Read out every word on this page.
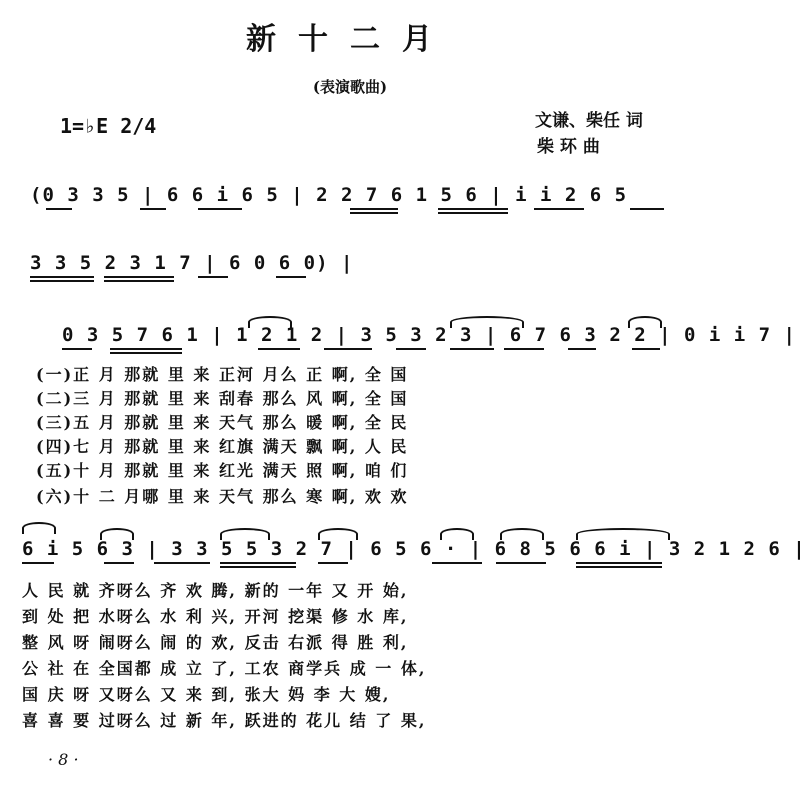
新十二月
(表演歌曲)
1=♭E 2/4	文谦、柴任 词
柴 环 曲
(0 3 3 5 | 6 6 i 6 5 | 2 2 7 6 1 5 6 | i i 2 6 5
3 3 5 2 3 1 7 | 6 0 6 0) |
0 3 5 7 6 1 | 1 2 1 2 | 3 5 3 2 3 | 6 7 6 3 2 2 | 0 i i 7 |
(一)正 月 那就 里 来 正河 月么 正 啊, 全 国
(二)三 月 那就 里 来 刮春 那么 风 啊, 全 国
(三)五 月 那就 里 来 天气 那么 暖 啊, 全 民
(四)七 月 那就 里 来 红旗 满天 飘 啊, 人 民
(五)十 月 那就 里 来 红光 满天 照 啊, 咱 们
(六)十 二 月哪 里 来 天气 那么 寒 啊, 欢 欢
6 i 5 6 3 | 3 3 5 5 3 2 7 | 6 5 6 · | 6 8 5 6 6 i | 3 2 1 2 6 |
人 民 就 齐呀么 齐 欢 腾, 新的 一年 又 开 始,
到 处 把 水呀么 水 利 兴, 开河 挖渠 修 水 库,
整 风 呀 闹呀么 闹 的 欢, 反击 右派 得 胜 利,
公 社 在 全国都 成 立 了, 工农 商学兵 成 一 体,
国 庆 呀 又呀么 又 来 到, 张大 妈 李 大 嫂,
喜 喜 要 过呀么 过 新 年, 跃进的 花儿 结 了 果,
· 8 ·
